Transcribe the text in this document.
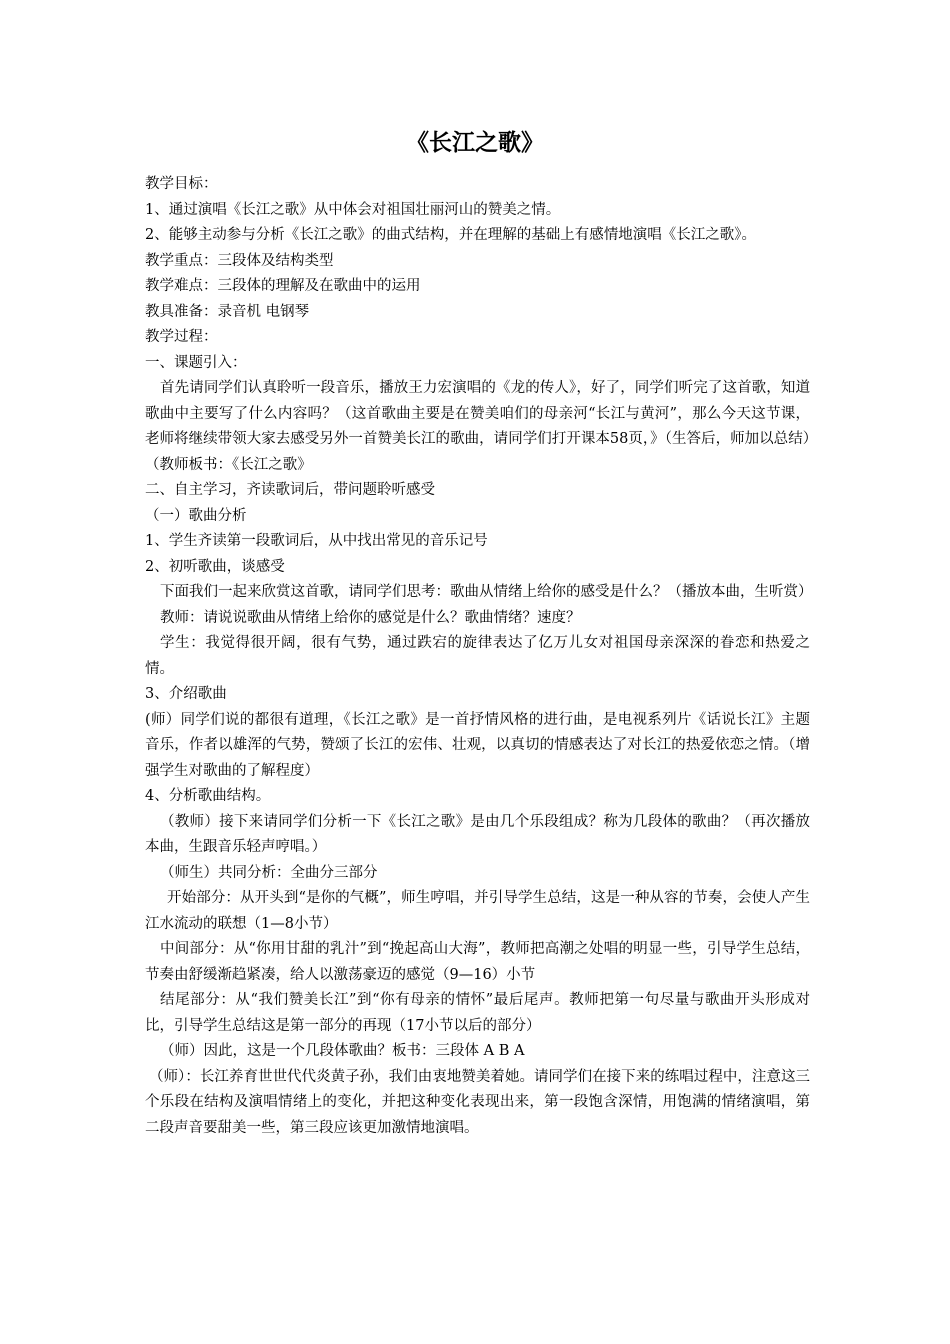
《长江之歌》

教学目标：

1、通过演唱《长江之歌》从中体会对祖国壮丽河山的赞美之情。

2、能够主动参与分析《长江之歌》的曲式结构，并在理解的基础上有感情地演唱《长江之歌》。

教学重点：三段体及结构类型

教学难点：三段体的理解及在歌曲中的运用

教具准备：录音机 电钢琴

教学过程：

一、课题引入：

首先请同学们认真聆听一段音乐，播放王力宏演唱的《龙的传人》，好了，同学们听完了这首歌，知道歌曲中主要写了什么内容吗？（这首歌曲主要是在赞美咱们的母亲河“长江与黄河”，那么今天这节课，老师将继续带领大家去感受另外一首赞美长江的歌曲，请同学们打开课本58页，》（生答后，师加以总结）　（教师板书：《长江之歌》

二、自主学习，齐读歌词后，带问题聆听感受

（一）歌曲分析

1、学生齐读第一段歌词后，从中找出常见的音乐记号

2、初听歌曲，谈感受

下面我们一起来欣赏这首歌，请同学们思考：歌曲从情绪上给你的感受是什么？（播放本曲，生听赏）

教师：请说说歌曲从情绪上给你的感觉是什么？歌曲情绪？速度？

学生：我觉得很开阔，很有气势，通过跌宕的旋律表达了亿万儿女对祖国母亲深深的眷恋和热爱之情。

3、介绍歌曲

(师）同学们说的都很有道理，《长江之歌》是一首抒情风格的进行曲，是电视系列片《话说长江》主题音乐，作者以雄浑的气势，赞颂了长江的宏伟、壮观，以真切的情感表达了对长江的热爱依恋之情。（增强学生对歌曲的了解程度）

4、分析歌曲结构。

（教师）接下来请同学们分析一下《长江之歌》是由几个乐段组成？称为几段体的歌曲？（再次播放本曲，生跟音乐轻声哼唱。）

（师生）共同分析：全曲分三部分

开始部分：从开头到“是你的气概”，师生哼唱，并引导学生总结，这是一种从容的节奏，会使人产生江水流动的联想（1—8小节）

中间部分：从“你用甘甜的乳汁”到“挽起高山大海”，教师把高潮之处唱的明显一些，引导学生总结，节奏由舒缓渐趋紧凑，给人以激荡豪迈的感觉（9—16）小节

结尾部分：从“我们赞美长江”到“你有母亲的情怀”最后尾声。教师把第一句尽量与歌曲开头形成对比，引导学生总结这是第一部分的再现（17小节以后的部分）

（师）因此，这是一个几段体歌曲？板书：三段体 A B A

（师）：长江养育世世代代炎黄子孙，我们由衷地赞美着她。请同学们在接下来的练唱过程中，注意这三个乐段在结构及演唱情绪上的变化，并把这种变化表现出来，第一段饱含深情，用饱满的情绪演唱，第二段声音要甜美一些，第三段应该更加激情地演唱。
